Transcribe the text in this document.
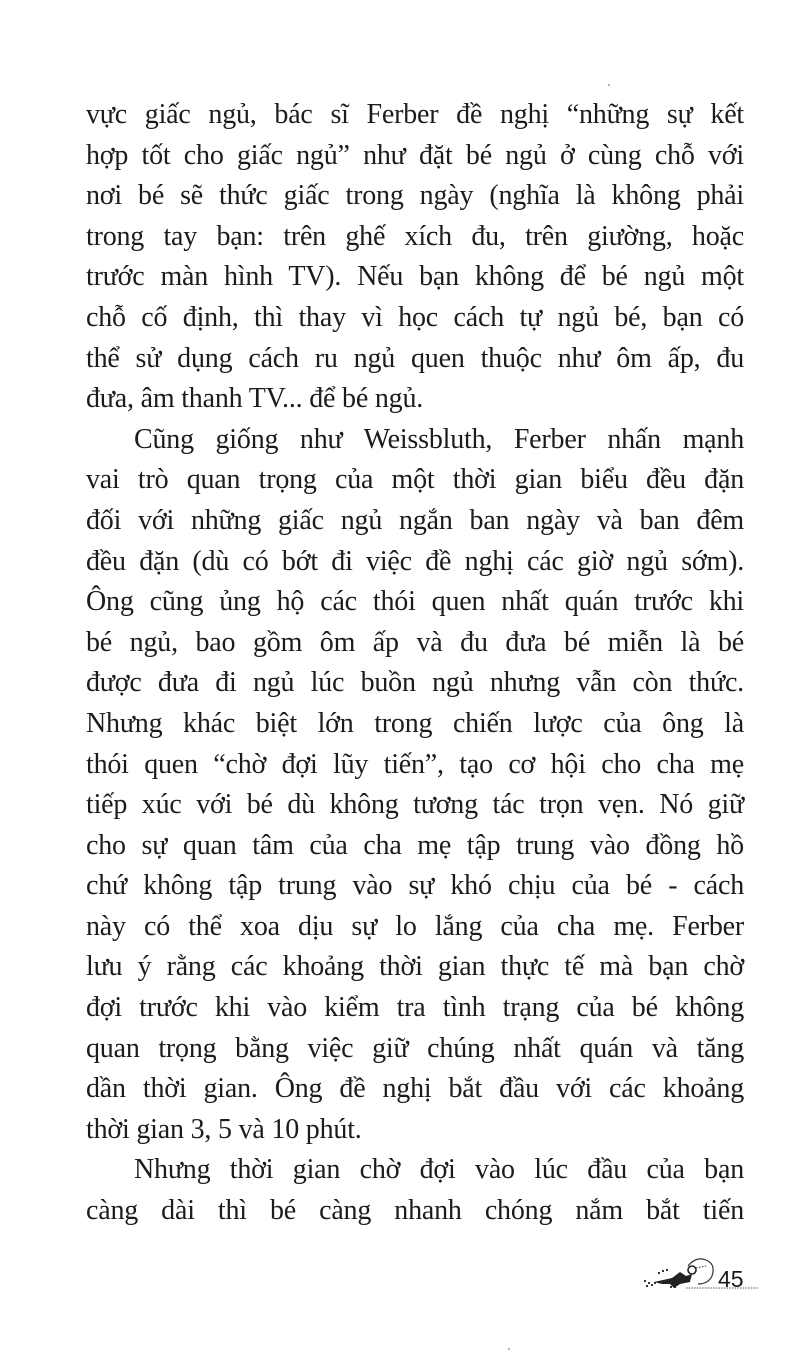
vực giấc ngủ, bác sĩ Ferber đề nghị “những sự kết
hợp tốt cho giấc ngủ” như đặt bé ngủ ở cùng chỗ với
nơi bé sẽ thức giấc trong ngày (nghĩa là không phải
trong tay bạn: trên ghế xích đu, trên giường, hoặc
trước màn hình TV). Nếu bạn không để bé ngủ một
chỗ cố định, thì thay vì học cách tự ngủ bé, bạn có
thể sử dụng cách ru ngủ quen thuộc như ôm ấp, đu
đưa, âm thanh TV... để bé ngủ.
Cũng giống như Weissbluth, Ferber nhấn mạnh
vai trò quan trọng của một thời gian biểu đều đặn
đối với những giấc ngủ ngắn ban ngày và ban đêm
đều đặn (dù có bớt đi việc đề nghị các giờ ngủ sớm).
Ông cũng ủng hộ các thói quen nhất quán trước khi
bé ngủ, bao gồm ôm ấp và đu đưa bé miễn là bé
được đưa đi ngủ lúc buồn ngủ nhưng vẫn còn thức.
Nhưng khác biệt lớn trong chiến lược của ông là
thói quen “chờ đợi lũy tiến”, tạo cơ hội cho cha mẹ
tiếp xúc với bé dù không tương tác trọn vẹn. Nó giữ
cho sự quan tâm của cha mẹ tập trung vào đồng hồ
chứ không tập trung vào sự khó chịu của bé - cách
này có thể xoa dịu sự lo lắng của cha mẹ. Ferber
lưu ý rằng các khoảng thời gian thực tế mà bạn chờ
đợi trước khi vào kiểm tra tình trạng của bé không
quan trọng bằng việc giữ chúng nhất quán và tăng
dần thời gian. Ông đề nghị bắt đầu với các khoảng
thời gian 3, 5 và 10 phút.
Nhưng thời gian chờ đợi vào lúc đầu của bạn
càng dài thì bé càng nhanh chóng nắm bắt tiến
45
